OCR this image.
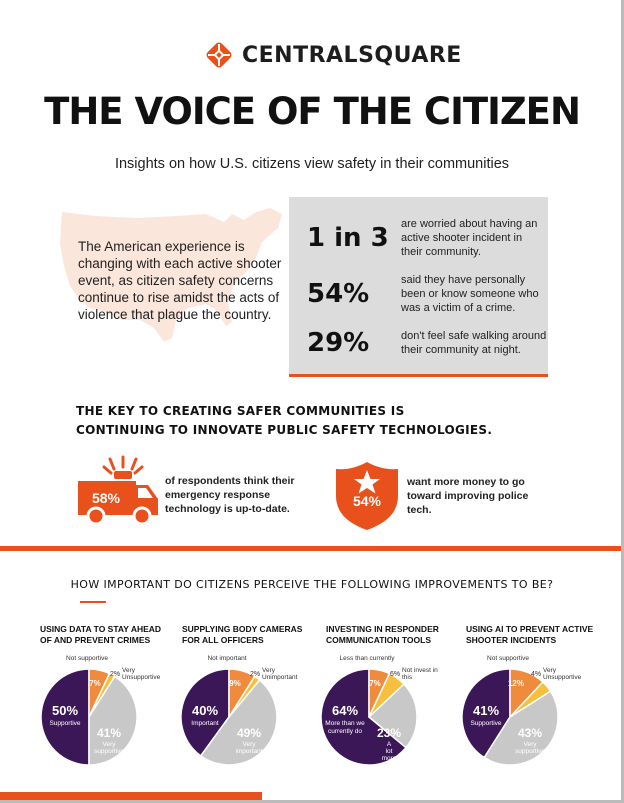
CENTRALSQUARE
THE VOICE OF THE CITIZEN
Insights on how U.S. citizens view safety in their communities
The American experience is changing with each active shooter event, as citizen safety concerns continue to rise amidst the acts of violence that plague the country.
1 in 3 are worried about having an active shooter incident in their community.
54%	said they have personally been or know someone who was a victim of a crime.
29%	don't feel safe walking around their community at night.
THE KEY TO CREATING SAFER COMMUNITIES IS CONTINUING TO INNOVATE PUBLIC SAFETY TECHNOLOGIES.
58%
of respondents think their emergency response technology is up-to-date.	54%
want more money to go toward improving police tech.
HOW IMPORTANT DO CITIZENS PERCEIVE THE FOLLOWING IMPROVEMENTS TO BE?
USING DATA TO STAY AHEAD OF AND PREVENT CRIMES
SUPPLYING BODY CAMERAS FOR ALL OFFICERS
INVESTING IN RESPONDER COMMUNICATION TOOLS
USING AI TO PREVENT ACTIVE SHOOTER INCIDENTS
50%
Supportive
41%
Very
supportive
7%
2%
Not supportive
Very
Unsupportive
40%
Important
49%
Very
important
9%
2%
Not important
Very
Unimportant
64%
More than we
currently do 23%
A
lot
more
7%
6%
Less than currently
Not invest in
this
41%
Supportive
43%
Very
supportive
12%
4%
Not supportive
Very
Unsupportive
